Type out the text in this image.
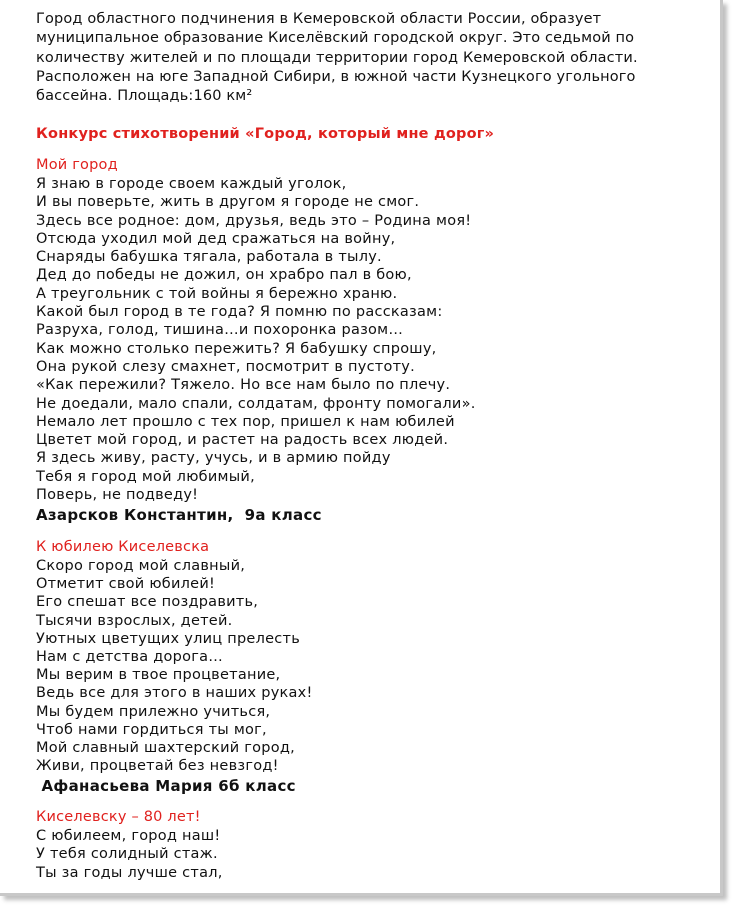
Город областного подчинения в Кемеровской области России, образует муниципальное образование Киселёвский городской округ. Это седьмой по количеству жителей и по площади территории город Кемеровской области. Расположен на юге Западной Сибири, в южной части Кузнецкого угольного бассейна. Площадь:160 км²
Конкурс стихотворений «Город, который мне дорог»
Мой город
Я знаю в городе своем каждый уголок,
И вы поверьте, жить в другом я городе не смог.
Здесь все родное: дом, друзья, ведь это – Родина моя!
Отсюда уходил мой дед сражаться на войну,
Снаряды бабушка тягала, работала в тылу.
Дед до победы не дожил, он храбро пал в бою,
А треугольник с той войны я бережно храню.
Какой был город в те года? Я помню по рассказам:
Разруха, голод, тишина…и похоронка разом…
Как можно столько пережить? Я бабушку спрошу,
Она рукой слезу смахнет, посмотрит в пустоту.
«Как пережили? Тяжело. Но все нам было по плечу.
Не доедали, мало спали, солдатам, фронту помогали».
Немало лет прошло с тех пор, пришел к нам юбилей
Цветет мой город, и растет на радость всех людей.
Я здесь живу, расту, учусь, и в армию пойду
Тебя я город мой любимый,
Поверь, не подведу!
Азарсков Константин,  9а класс
К юбилею Киселевска
Скоро город мой славный,
Отметит свой юбилей!
Его спешат все поздравить,
Тысячи взрослых, детей.
Уютных цветущих улиц прелесть
Нам с детства дорога…
Мы верим в твое процветание,
Ведь все для этого в наших руках!
Мы будем прилежно учиться,
Чтоб нами гордиться ты мог,
Мой славный шахтерский город,
Живи, процветай без невзгод!
Афанасьева Мария 6б класс
Киселевску – 80 лет!
С юбилеем, город наш!
У тебя солидный стаж.
Ты за годы лучше стал,
